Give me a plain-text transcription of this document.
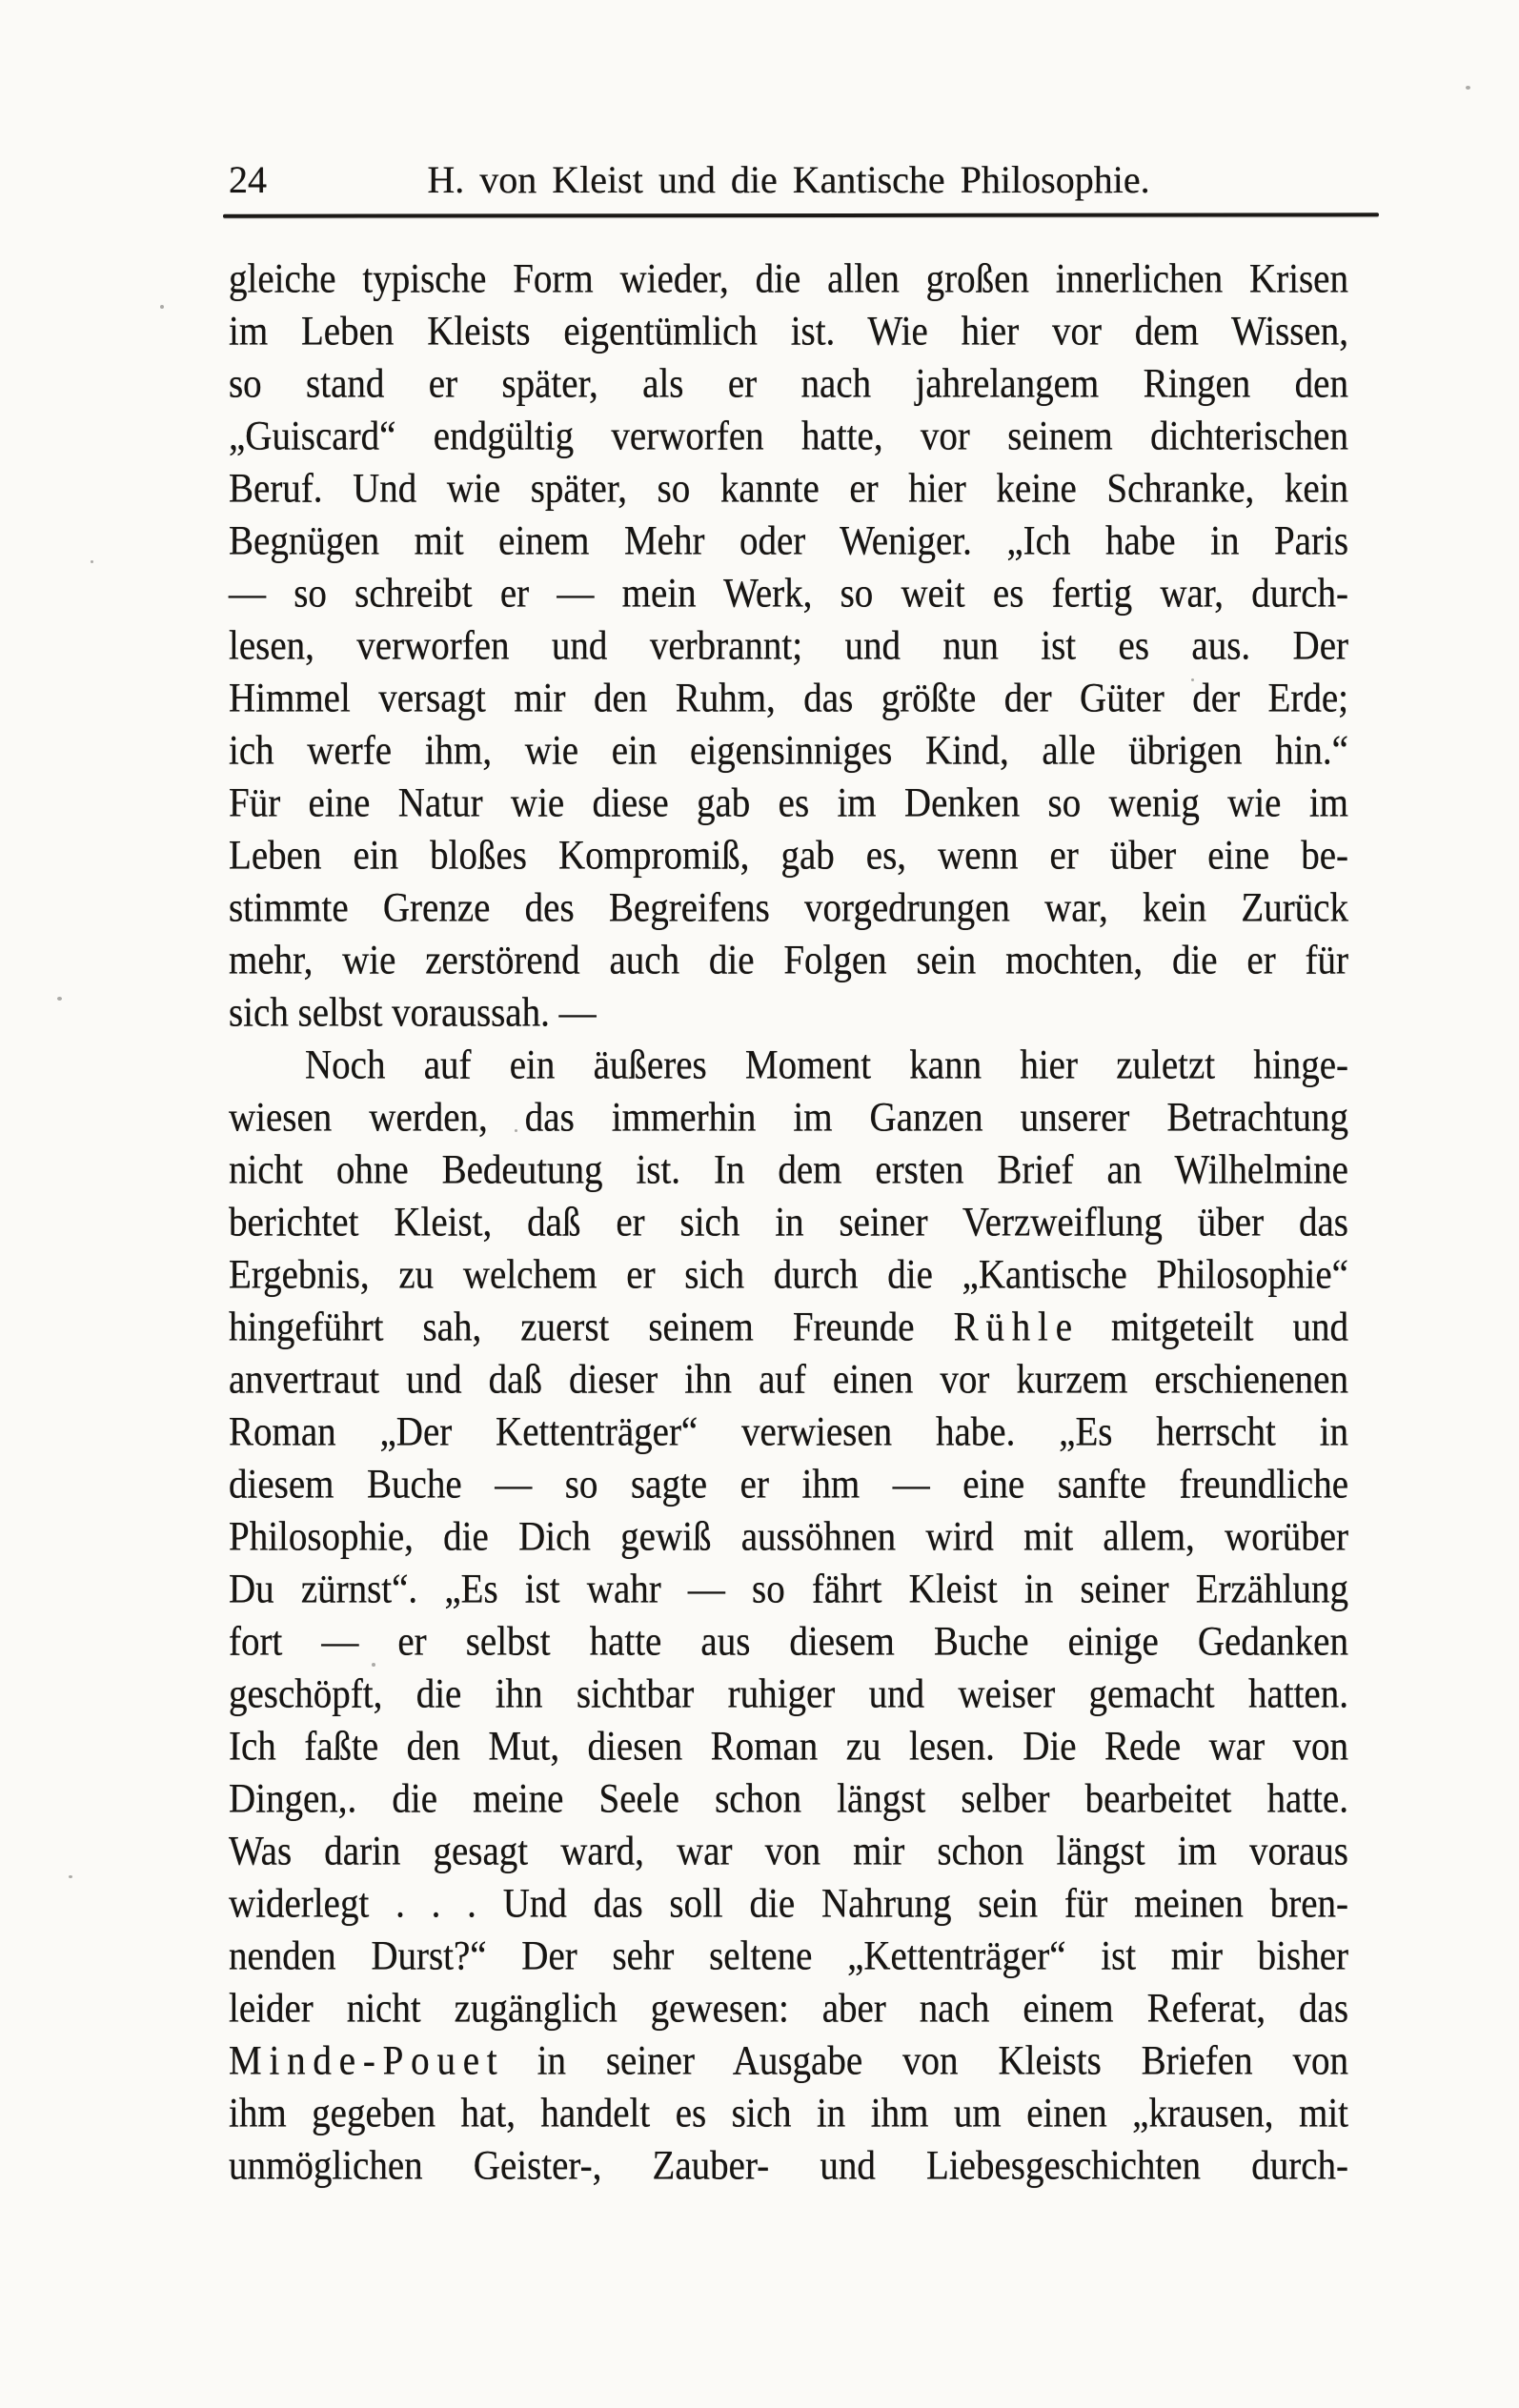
24	H. von Kleist und die Kantische Philosophie.
gleiche typische Form wieder, die allen großen innerlichen Krisen
im Leben Kleists eigentümlich ist. Wie hier vor dem Wissen,
so stand er später, als er nach jahrelangem Ringen den
„Guiscard“ endgültig verworfen hatte, vor seinem dichterischen
Beruf. Und wie später, so kannte er hier keine Schranke, kein
Begnügen mit einem Mehr oder Weniger. „Ich habe in Paris
— so schreibt er — mein Werk, so weit es fertig war, durch-
lesen, verworfen und verbrannt; und nun ist es aus. Der
Himmel versagt mir den Ruhm, das größte der Güter der Erde;
ich werfe ihm, wie ein eigensinniges Kind, alle übrigen hin.“
Für eine Natur wie diese gab es im Denken so wenig wie im
Leben ein bloßes Kompromiß, gab es, wenn er über eine be-
stimmte Grenze des Begreifens vorgedrungen war, kein Zurück
mehr, wie zerstörend auch die Folgen sein mochten, die er für
sich selbst voraussah. —
Noch auf ein äußeres Moment kann hier zuletzt hinge-
wiesen werden, das immerhin im Ganzen unserer Betrachtung
nicht ohne Bedeutung ist. In dem ersten Brief an Wilhelmine
berichtet Kleist, daß er sich in seiner Verzweiflung über das
Ergebnis, zu welchem er sich durch die „Kantische Philosophie“
hingeführt sah, zuerst seinem Freunde R ü h l e mitgeteilt und
anvertraut und daß dieser ihn auf einen vor kurzem erschienenen
Roman „Der Kettenträger“ verwiesen habe. „Es herrscht in
diesem Buche — so sagte er ihm — eine sanfte freundliche
Philosophie, die Dich gewiß aussöhnen wird mit allem, worüber
Du zürnst“. „Es ist wahr — so fährt Kleist in seiner Erzählung
fort — er selbst hatte aus diesem Buche einige Gedanken
geschöpft, die ihn sichtbar ruhiger und weiser gemacht hatten.
Ich faßte den Mut, diesen Roman zu lesen. Die Rede war von
Dingen,. die meine Seele schon längst selber bearbeitet hatte.
Was darin gesagt ward, war von mir schon längst im voraus
widerlegt . . . Und das soll die Nahrung sein für meinen bren-
nenden Durst?“ Der sehr seltene „Kettenträger“ ist mir bisher
leider nicht zugänglich gewesen: aber nach einem Referat, das
M i n d e - P o u e t in seiner Ausgabe von Kleists Briefen von
ihm gegeben hat, handelt es sich in ihm um einen „krausen, mit
unmöglichen Geister-, Zauber- und Liebesgeschichten durch-
